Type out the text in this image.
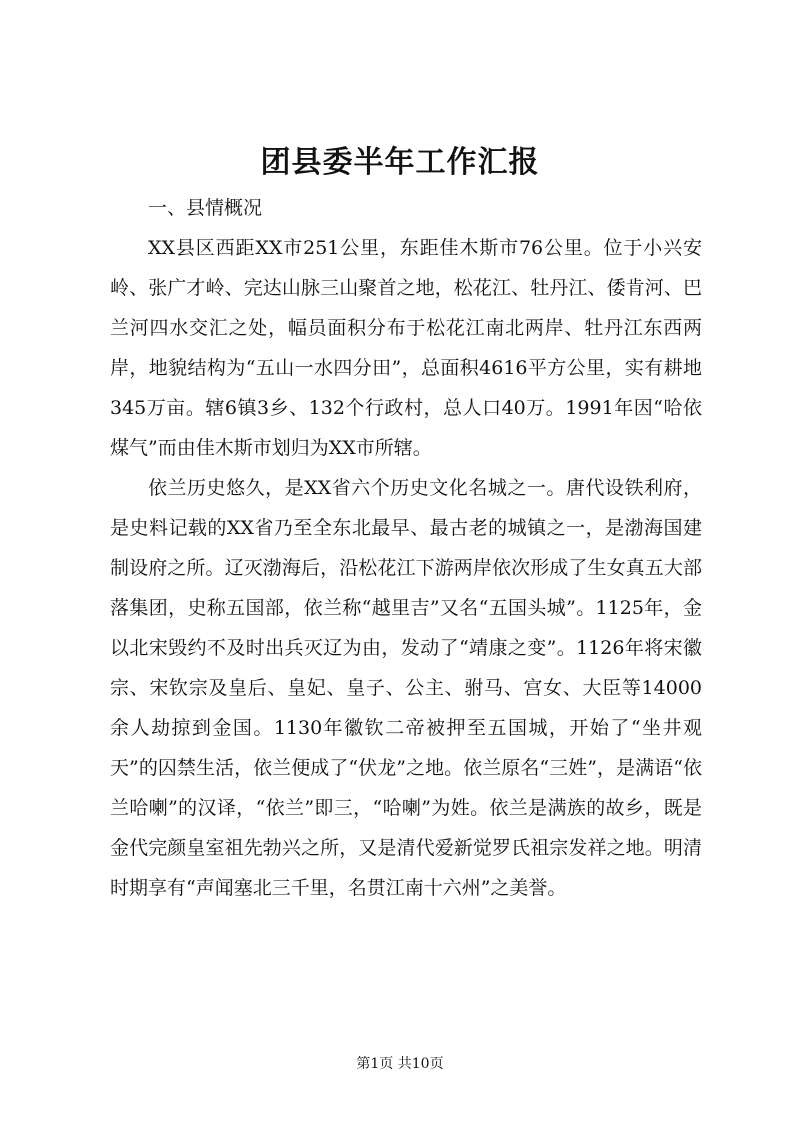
团县委半年工作汇报

一、县情概况

XX县区西距XX市251公里，东距佳木斯市76公里。位于小兴安岭、张广才岭、完达山脉三山聚首之地，松花江、牡丹江、倭肯河、巴兰河四水交汇之处，幅员面积分布于松花江南北两岸、牡丹江东西两岸，地貌结构为“五山一水四分田”，总面积4616平方公里，实有耕地345万亩。辖6镇3乡、132个行政村，总人口40万。1991年因“哈依煤气”而由佳木斯市划归为XX市所辖。

依兰历史悠久，是XX省六个历史文化名城之一。唐代设铁利府，是史料记载的XX省乃至全东北最早、最古老的城镇之一，是渤海国建制设府之所。辽灭渤海后，沿松花江下游两岸依次形成了生女真五大部落集团，史称五国部，依兰称“越里吉”又名“五国头城”。1125年，金以北宋毁约不及时出兵灭辽为由，发动了“靖康之变”。1126年将宋徽宗、宋钦宗及皇后、皇妃、皇子、公主、驸马、宫女、大臣等14000余人劫掠到金国。1130年徽钦二帝被押至五国城，开始了“坐井观天”的囚禁生活，依兰便成了“伏龙”之地。依兰原名“三姓”，是满语“依兰哈喇”的汉译，“依兰”即三，“哈喇”为姓。依兰是满族的故乡，既是金代完颜皇室祖先勃兴之所，又是清代爱新觉罗氏祖宗发祥之地。明清时期享有“声闻塞北三千里，名贯江南十六州”之美誉。

第1页 共10页
